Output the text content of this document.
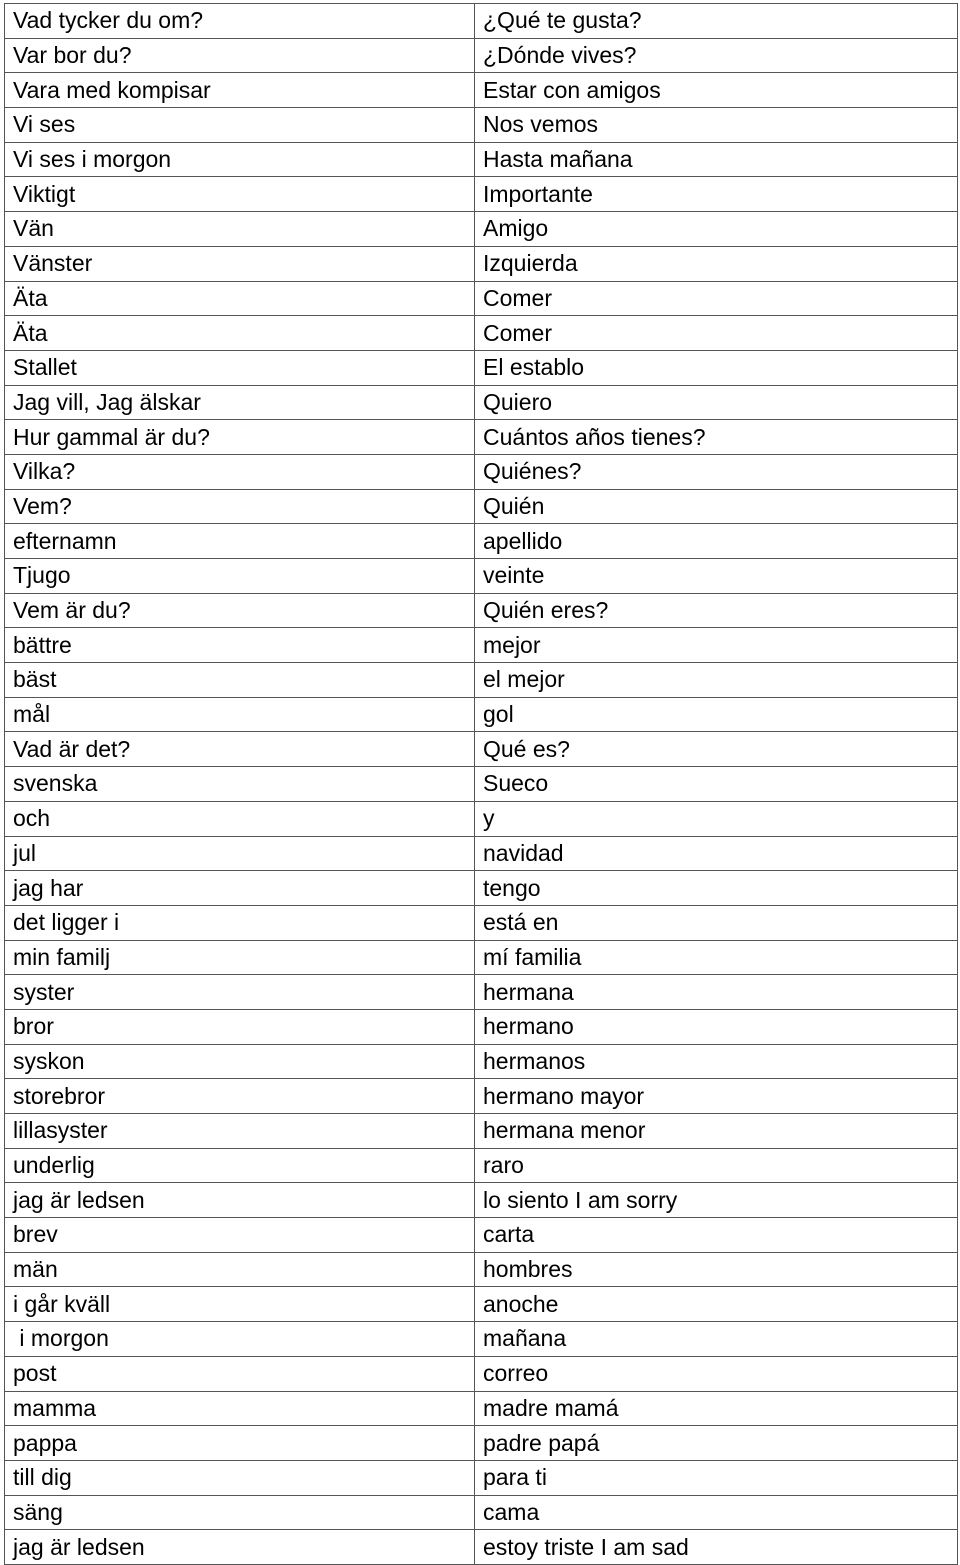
Vad tycker du om?	¿Qué te gusta?
Var bor du?	¿Dónde vives?
Vara med kompisar	Estar con amigos
Vi ses	Nos vemos
Vi ses i morgon	Hasta mañana
Viktigt	Importante
Vän	Amigo
Vänster	Izquierda
Äta	Comer
Äta	Comer
Stallet	El establo
Jag vill, Jag älskar	Quiero
Hur gammal är du?	Cuántos años tienes?
Vilka?	Quiénes?
Vem?	Quién
efternamn	apellido
Tjugo	veinte
Vem är du?	Quién eres?
bättre	mejor
bäst	el mejor
mål	gol
Vad är det?	Qué es?
svenska	Sueco
och	y
jul	navidad
jag har	tengo
det ligger i	está en
min familj	mí familia
syster	hermana
bror	hermano
syskon	hermanos
storebror	hermano mayor
lillasyster	hermana menor
underlig	raro
jag är ledsen	lo siento I am sorry
brev	carta
män	hombres
i går kväll	anoche
i morgon	mañana
post	correo
mamma	madre mamá
pappa	padre papá
till dig	para ti
säng	cama
jag är ledsen	estoy triste I am sad
